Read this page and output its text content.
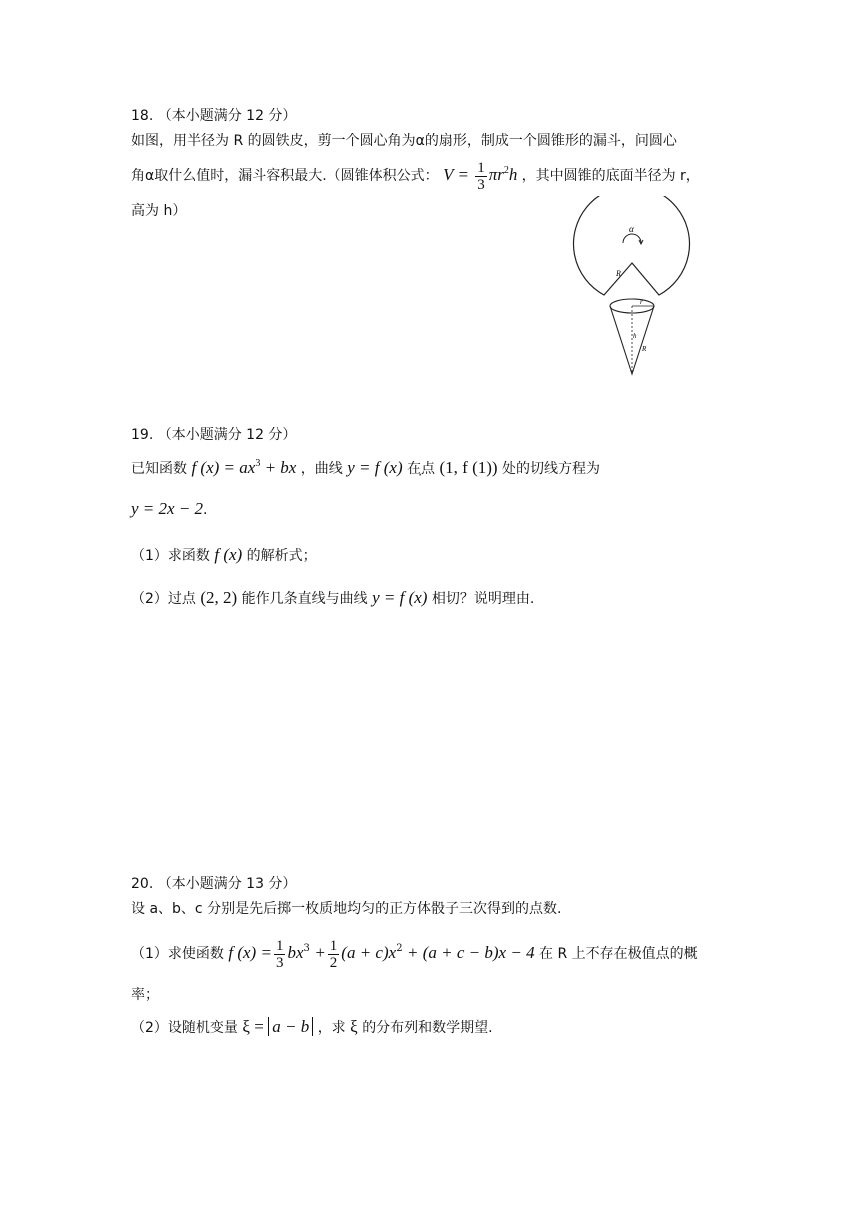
18. （本小题满分 12 分）
如图，用半径为 R 的圆铁皮，剪一个圆心角为α的扇形，制成一个圆锥形的漏斗，问圆心
角α取什么值时，漏斗容积最大.（圆锥体积公式： $V = \frac{1}{3} \pi r^2h$ ，其中圆锥的底面半径为 r，
高为 h）
α
R
r
h
R
19. （本小题满分 12 分）
已知函数 f $(x) = ax^3$ + bx ，曲线 y = f (x) 在点 (1, f (1)) 处的切线方程为
y = 2x − 2.
（1）求函数 f (x) 的解析式；
（2）过点 (2, 2) 能作几条直线与曲线 y = f (x) 相切？说明理由.
20. （本小题满分 13 分）
设 a、b、c 分别是先后掷一枚质地均匀的正方体骰子三次得到的点数.
（1）求使函数 f $(x) = \frac{1}{3} bx^3 + \frac{1}{2} (a + c)x^2 + (a + c - b)x - 4$ 在 R 上不存在极值点的概
率；
（2）设随机变量 ξ = a − b ，求 ξ 的分布列和数学期望.
